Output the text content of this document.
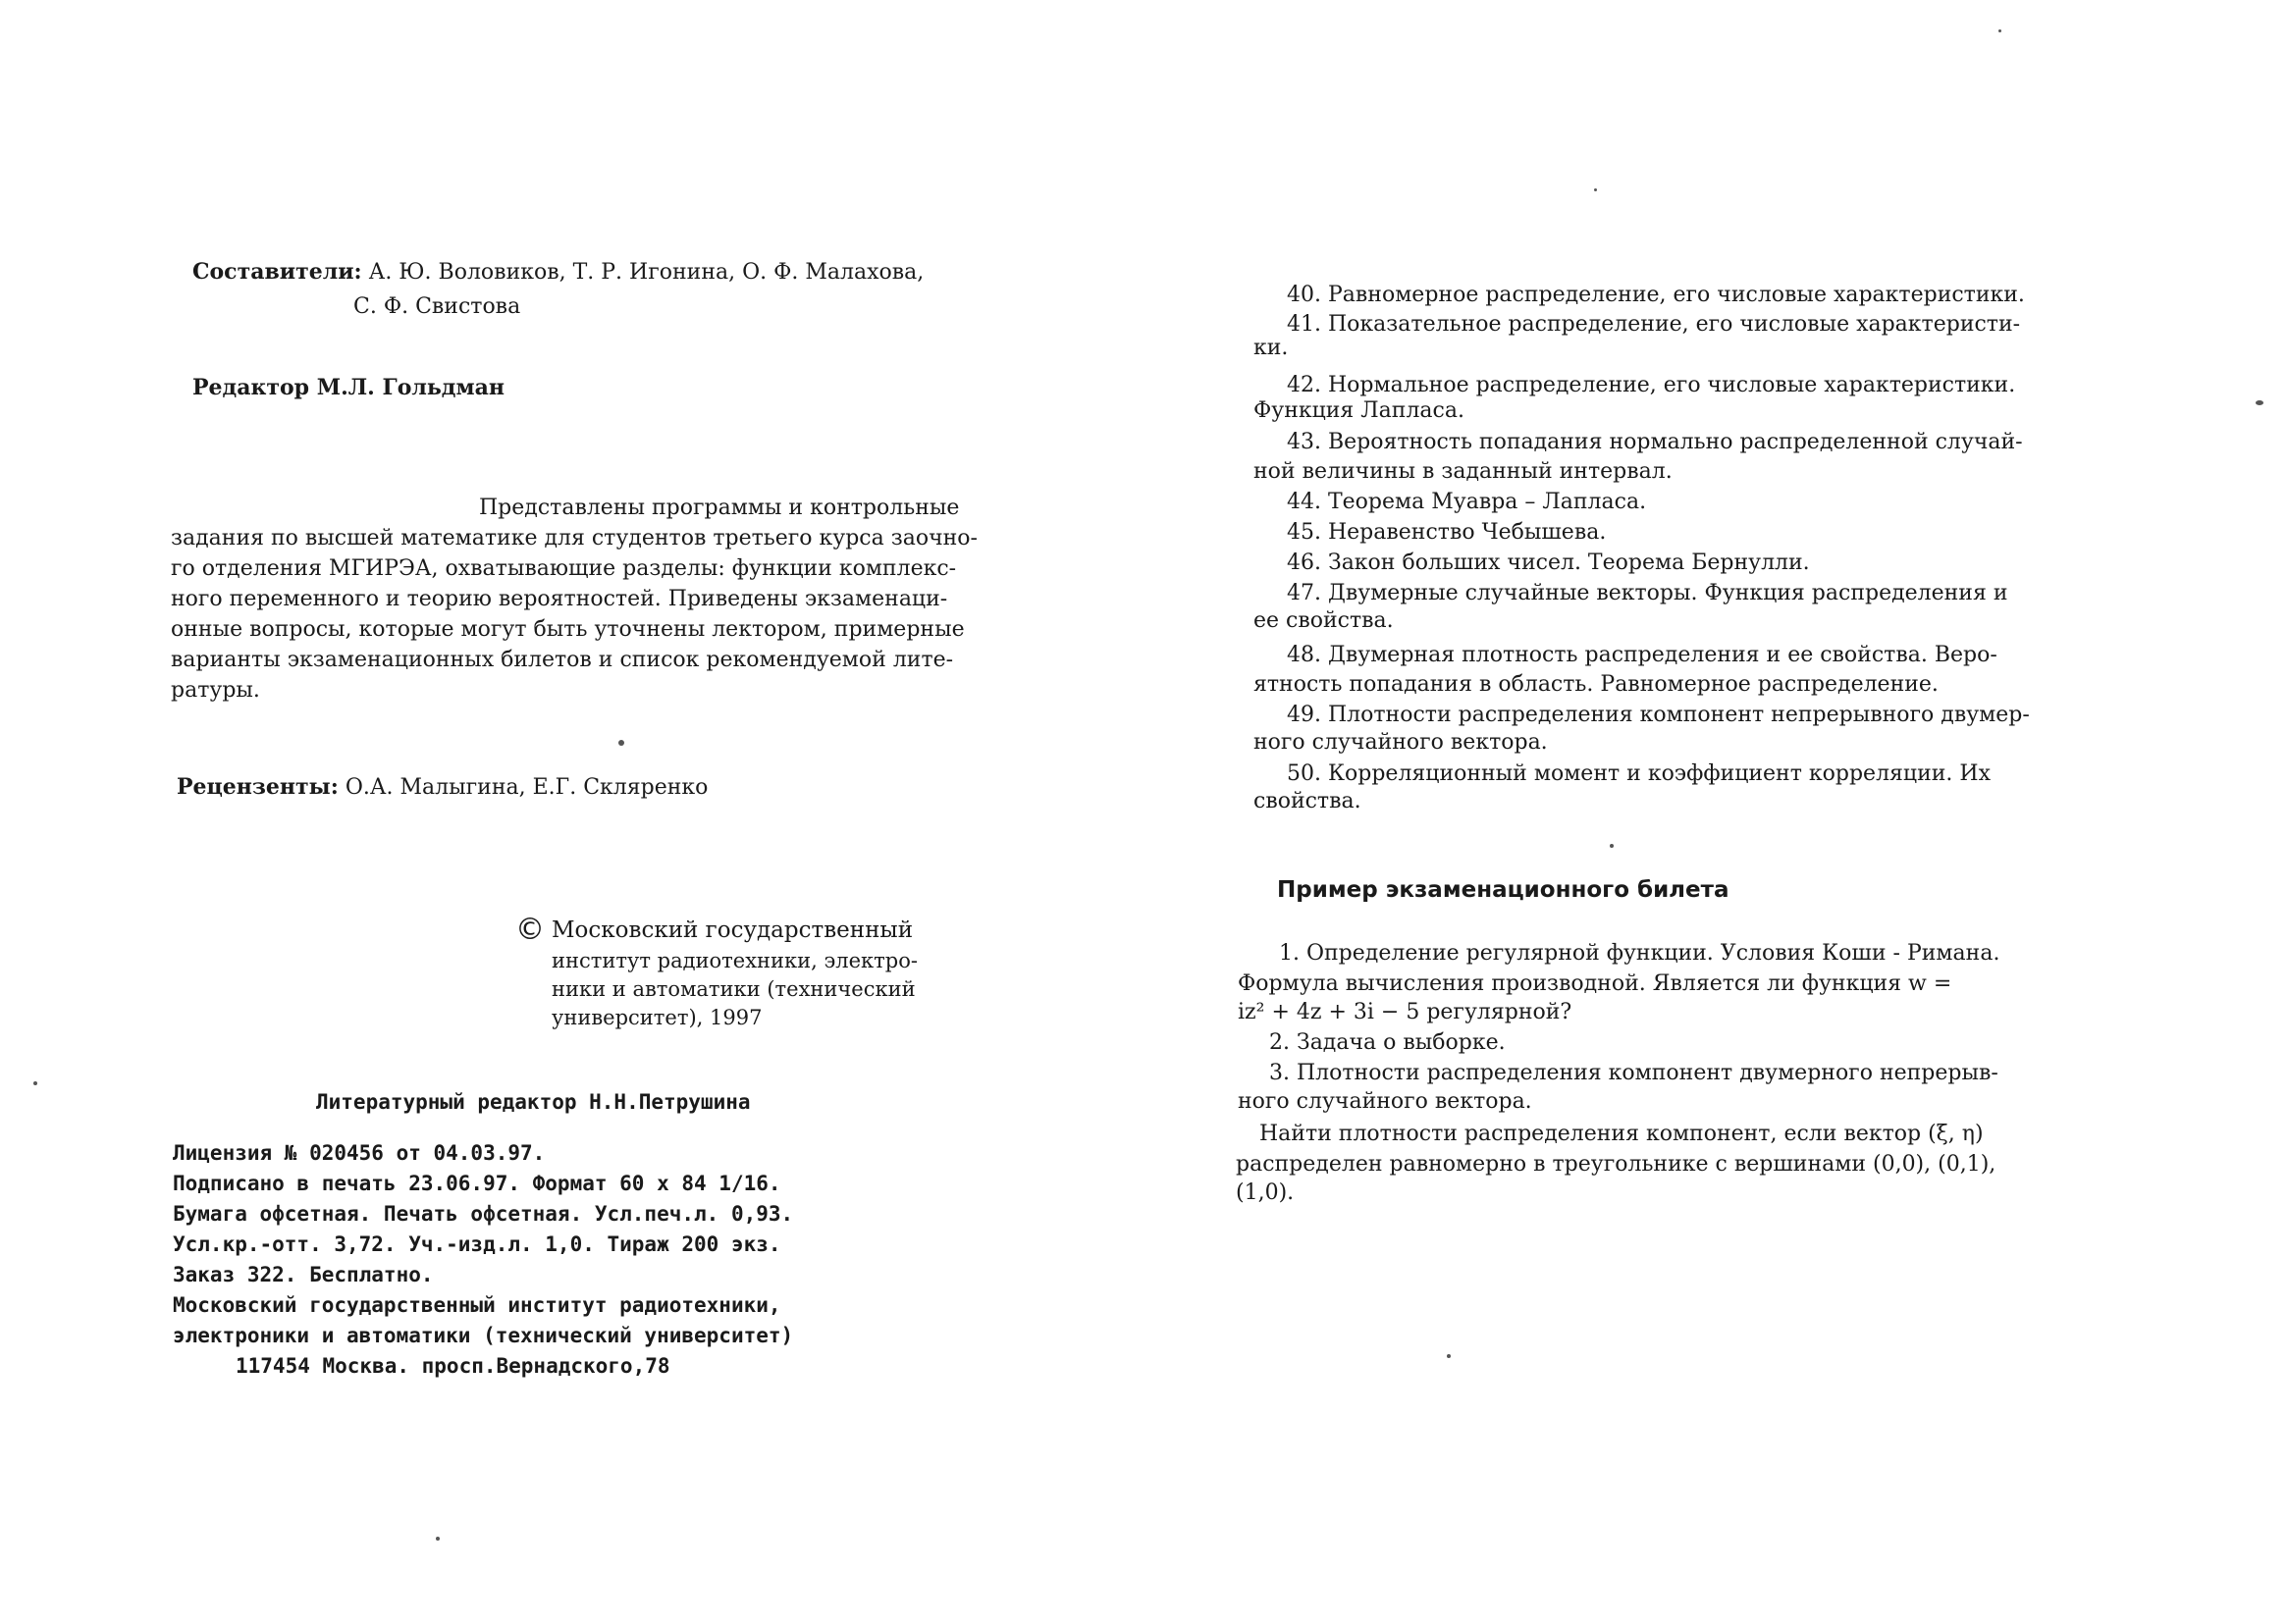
Составители: А. Ю. Воловиков, Т. Р. Игонина, О. Ф. Малахова,
С. Ф. Свистова
Редактор М.Л. Гольдман
Представлены программы и контрольные
задания по высшей математике для студентов третьего курса заочно-
го отделения МГИРЭА, охватывающие разделы: функции комплекс-
ного переменного и теорию вероятностей. Приведены экзаменаци-
онные вопросы, которые могут быть уточнены лектором, примерные
варианты экзаменационных билетов и список рекомендуемой лите-
ратуры.
Рецензенты: О.А. Малыгина, Е.Г. Скляренко
© Московский государственный
институт радиотехники, электро-
ники и автоматики (технический
университет), 1997
Литературный редактор Н.Н.Петрушина
Лицензия № 020456 от 04.03.97.
Подписано в печать 23.06.97. Формат 60 х 84 1/16.
Бумага офсетная. Печать офсетная. Усл.печ.л. 0,93.
Усл.кр.-отт. 3,72. Уч.-изд.л. 1,0. Тираж 200 экз.
Заказ 322. Бесплатно.
Московский государственный институт радиотехники,
электроники и автоматики (технический университет)
117454 Москва. просп.Вернадского,78
40. Равномерное распределение, его числовые характеристики.
41. Показательное распределение, его числовые характеристи-
ки.
42. Нормальное распределение, его числовые характеристики.
Функция Лапласа.
43. Вероятность попадания нормально распределенной случай-
ной величины в заданный интервал.
44. Теорема Муавра – Лапласа.
45. Неравенство Чебышева.
46. Закон больших чисел. Теорема Бернулли.
47. Двумерные случайные векторы. Функция распределения и
ее свойства.
48. Двумерная плотность распределения и ее свойства. Веро-
ятность попадания в область. Равномерное распределение.
49. Плотности распределения компонент непрерывного двумер-
ного случайного вектора.
50. Корреляционный момент и коэффициент корреляции. Их
свойства.
Пример экзаменационного билета
1. Определение регулярной функции. Условия Коши - Римана.
Формула вычисления производной. Является ли функция w =
iz² + 4z + 3i − 5 регулярной?
2. Задача о выборке.
3. Плотности распределения компонент двумерного непрерыв-
ного случайного вектора.
Найти плотности распределения компонент, если вектор (ξ, η)
распределен равномерно в треугольнике с вершинами (0,0), (0,1),
(1,0).
